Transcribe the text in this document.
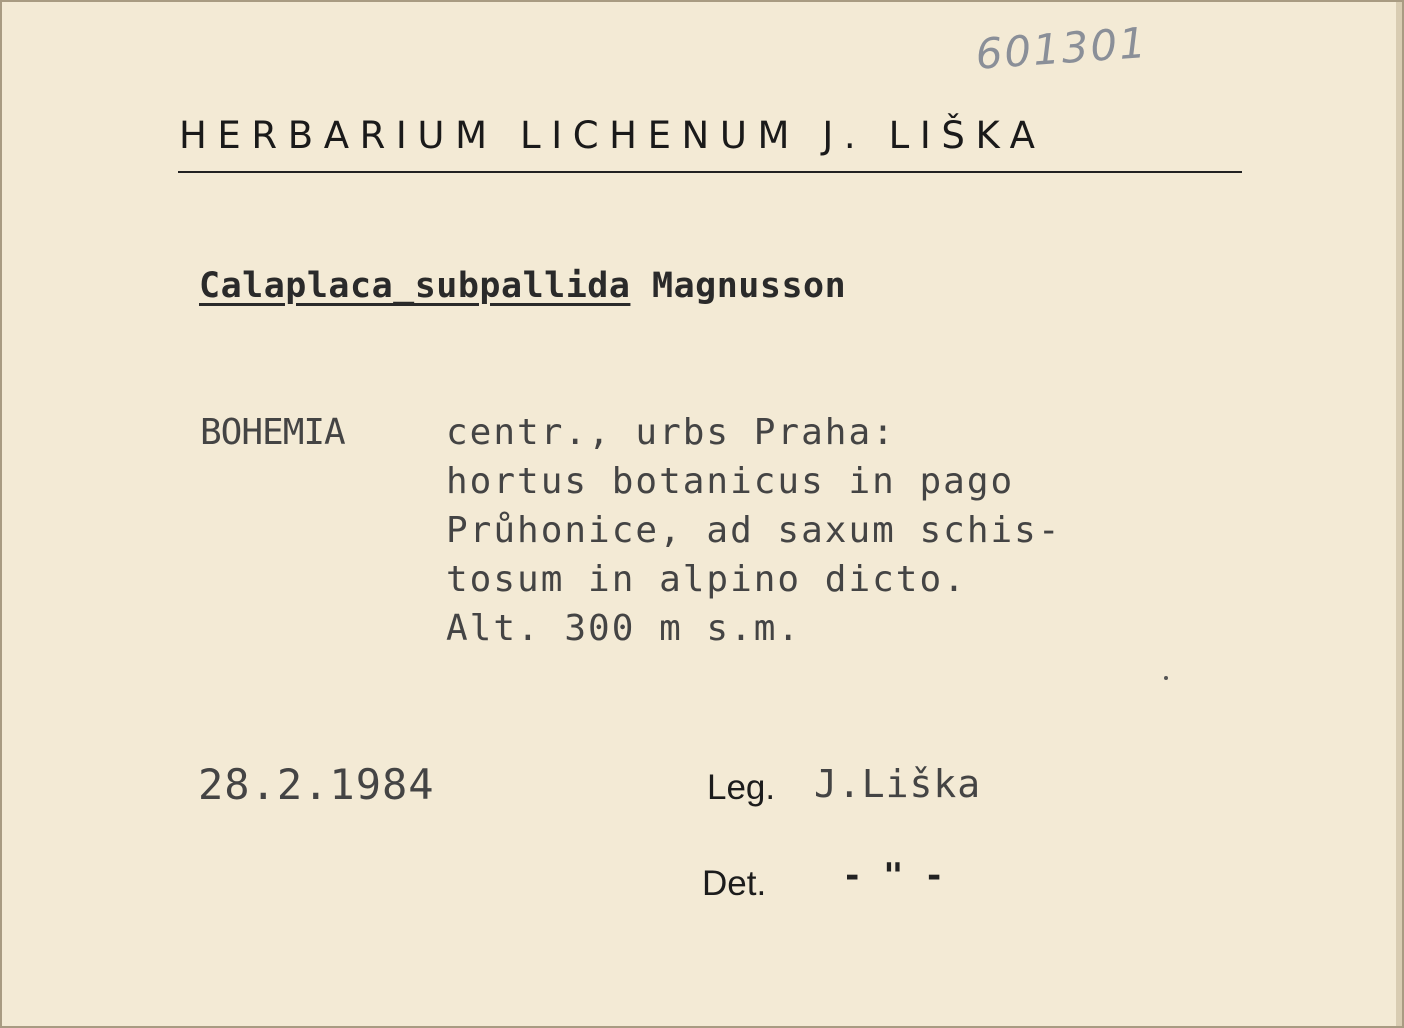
601301
HERBARIUM LICHENUM J. LIŠKA
Calaplaca_subpallida Magnusson
BOHEMIA	centr., urbs Praha:
hortus botanicus in pago
Průhonice, ad saxum schis-
tosum in alpino dicto.
Alt. 300 m s.m.
28.2.1984	Leg. J.Liška
Det. - " -
